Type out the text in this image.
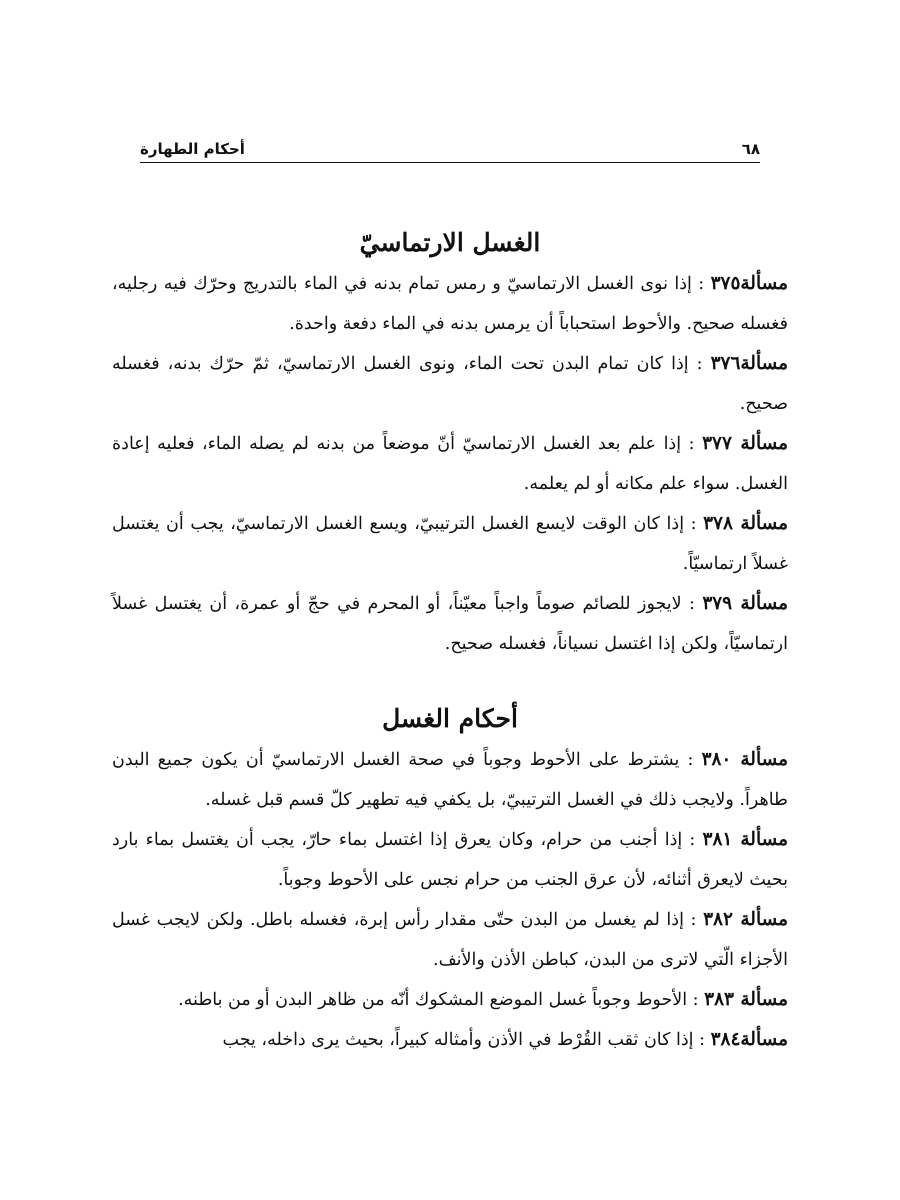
٦٨
أحكام الطهارة
الغسل الارتماسيّ

مسألة٣٧٥ : إذا نوى الغسل الارتماسيّ و رمس تمام بدنه في الماء بالتدريج وحرّك فيه رجليه، فغسله صحيح. والأحوط استحباباً أن يرمس بدنه في الماء دفعة واحدة.

مسألة٣٧٦ : إذا كان تمام البدن تحت الماء، ونوى الغسل الارتماسيّ، ثمّ حرّك بدنه، فغسله صحيح.

مسألة ٣٧٧ : إذا علم بعد الغسل الارتماسيّ أنّ موضعاً من بدنه لم يصله الماء، فعليه إعادة الغسل. سواء علم مكانه أو لم يعلمه.

مسألة ٣٧٨ : إذا كان الوقت لايسع الغسل الترتيبيّ، ويسع الغسل الارتماسيّ، يجب أن يغتسل غسلاً ارتماسيّاً.

مسألة ٣٧٩ : لايجوز للصائم صوماً واجباً معيّناً، أو المحرم في حجّ أو عمرة، أن يغتسل غسلاً ارتماسيّاً، ولكن إذا اغتسل نسياناً، فغسله صحيح.

أحكام الغسل

مسألة ٣٨٠ : يشترط على الأحوط وجوباً في صحة الغسل الارتماسيّ أن يكون جميع البدن طاهراً. ولايجب ذلك في الغسل الترتيبيّ، بل يكفي فيه تطهير كلّ قسم قبل غسله.

مسألة ٣٨١ : إذا أجنب من حرام، وكان يعرق إذا اغتسل بماء حارّ، يجب أن يغتسل بماء بارد بحيث لايعرق أثنائه، لأن عرق الجنب من حرام نجس على الأحوط وجوباً.

مسألة ٣٨٢ : إذا لم يغسل من البدن حتّى مقدار رأس إبرة، فغسله باطل. ولكن لايجب غسل الأجزاء الّتي لاترى من البدن، كباطن الأذن والأنف.

مسألة ٣٨٣ : الأحوط وجوباً غسل الموضع المشكوك أنّه من ظاهر البدن أو من باطنه.

مسألة٣٨٤ : إذا كان ثقب القُرْط في الأذن وأمثاله كبيراً، بحيث يرى داخله، يجب
